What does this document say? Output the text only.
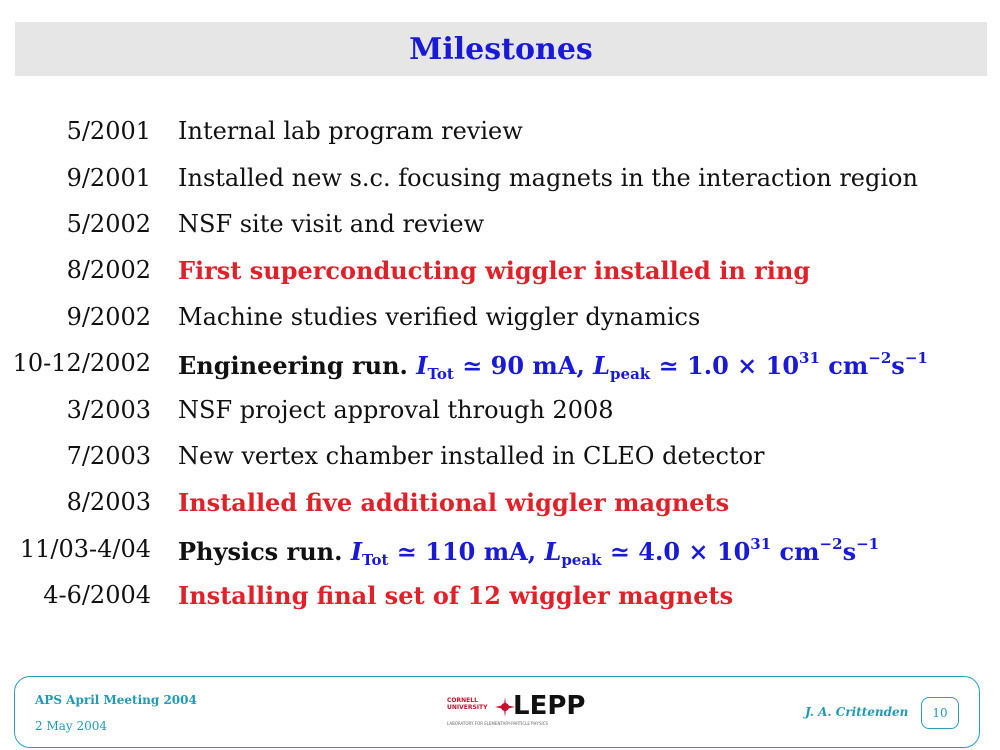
Milestones
5/2001 Internal lab program review
9/2001 Installed new s.c. focusing magnets in the interaction region
5/2002 NSF site visit and review
8/2002 First superconducting wiggler installed in ring
9/2002 Machine studies verified wiggler dynamics
10-12/2002 Engineering run. $I_{Tot}$ ≃ 90 mA, $L_{peak}$ ≃ $1.0 \times 10^{31}$ $cm^{-2}s^{-1}$
3/2003 NSF project approval through 2008
7/2003 New vertex chamber installed in CLEO detector
8/2003 Installed five additional wiggler magnets
11/03-4/04 Physics run. $I_{Tot}$ ≃ 110 mA, $L_{peak}$ ≃ $4.0 \times 10^{31}$ $cm^{-2}s^{-1}$
4-6/2004 Installing final set of 12 wiggler magnets
APS April Meeting 2004
2 May 2004
CORNELL UNIVERSITY LEPP
LABORATORY FOR ELEMENTARY-PARTICLE PHYSICS
J. A. Crittenden	10
